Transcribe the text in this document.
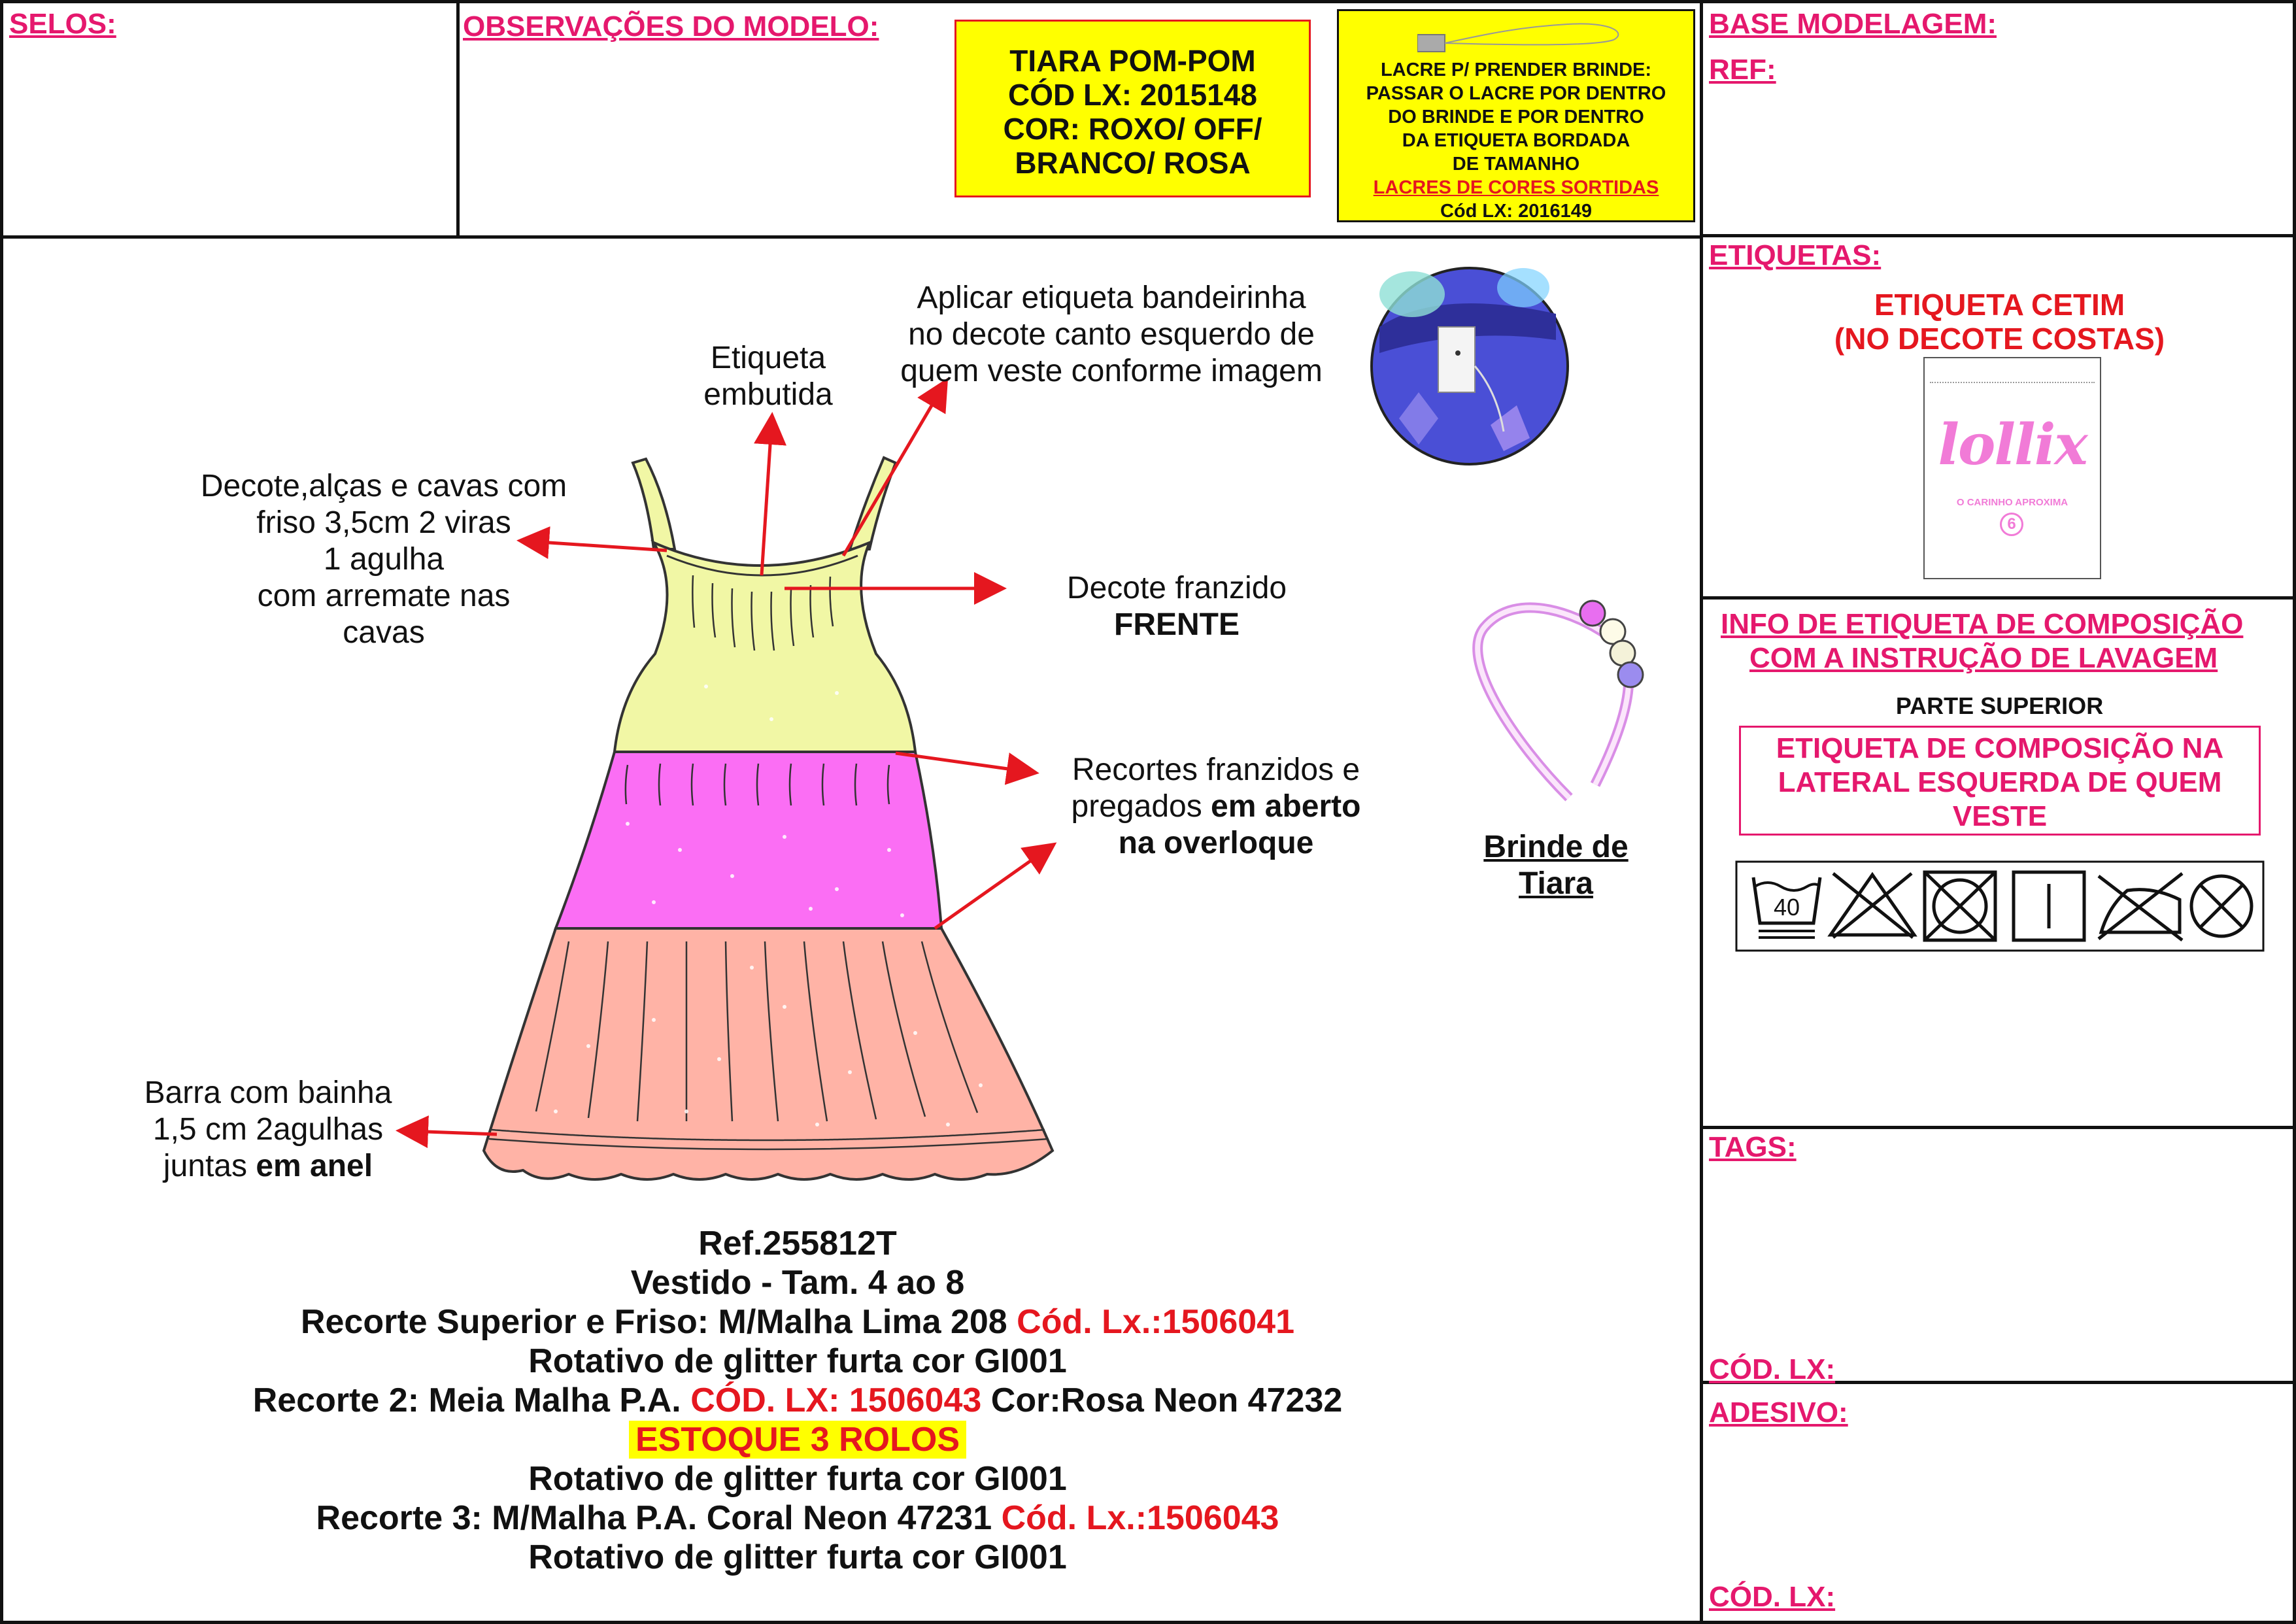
SELOS:	OBSERVAÇÕES DO MODELO:	BASE MODELAGEM:
REF:
ETIQUETAS:
INFO DE ETIQUETA DE COMPOSIÇÃO
COM A INSTRUÇÃO DE LAVAGEM
TAGS:
CÓD. LX:
ADESIVO:
CÓD. LX:
TIARA POM-POM
CÓD LX: 2015148
COR: ROXO/ OFF/
BRANCO/ ROSA
LACRE P/ PRENDER BRINDE:
PASSAR O LACRE POR DENTRO
DO BRINDE E POR DENTRO
DA ETIQUETA BORDADA
DE TAMANHO
LACRES DE CORES SORTIDAS
Cód LX: 2016149
ETIQUETA CETIM
(NO DECOTE COSTAS)
lollix
O CARINHO APROXIMA
6
PARTE SUPERIOR
ETIQUETA DE COMPOSIÇÃO NA
LATERAL ESQUERDA DE QUEM
VESTE
40
Aplicar etiqueta bandeirinha
no decote canto esquerdo de
quem veste conforme imagem
Etiqueta
embutida
Decote,alças e cavas com
friso 3,5cm 2 viras
1 agulha
com arremate nas
cavas
Decote franzido
FRENTE
Recortes franzidos e
pregados em aberto
na overloque
Barra com bainha
1,5 cm 2agulhas
juntas em anel
Brinde de
Tiara
Ref.255812T
Vestido - Tam. 4 ao 8
Recorte Superior e Friso: M/Malha Lima 208 Cód. Lx.:1506041
Rotativo de glitter furta cor GI001
Recorte 2: Meia Malha P.A. CÓD. LX: 1506043 Cor:Rosa Neon 47232
ESTOQUE 3 ROLOS
Rotativo de glitter furta cor GI001
Recorte 3: M/Malha P.A. Coral Neon 47231 Cód. Lx.:1506043
Rotativo de glitter furta cor GI001
